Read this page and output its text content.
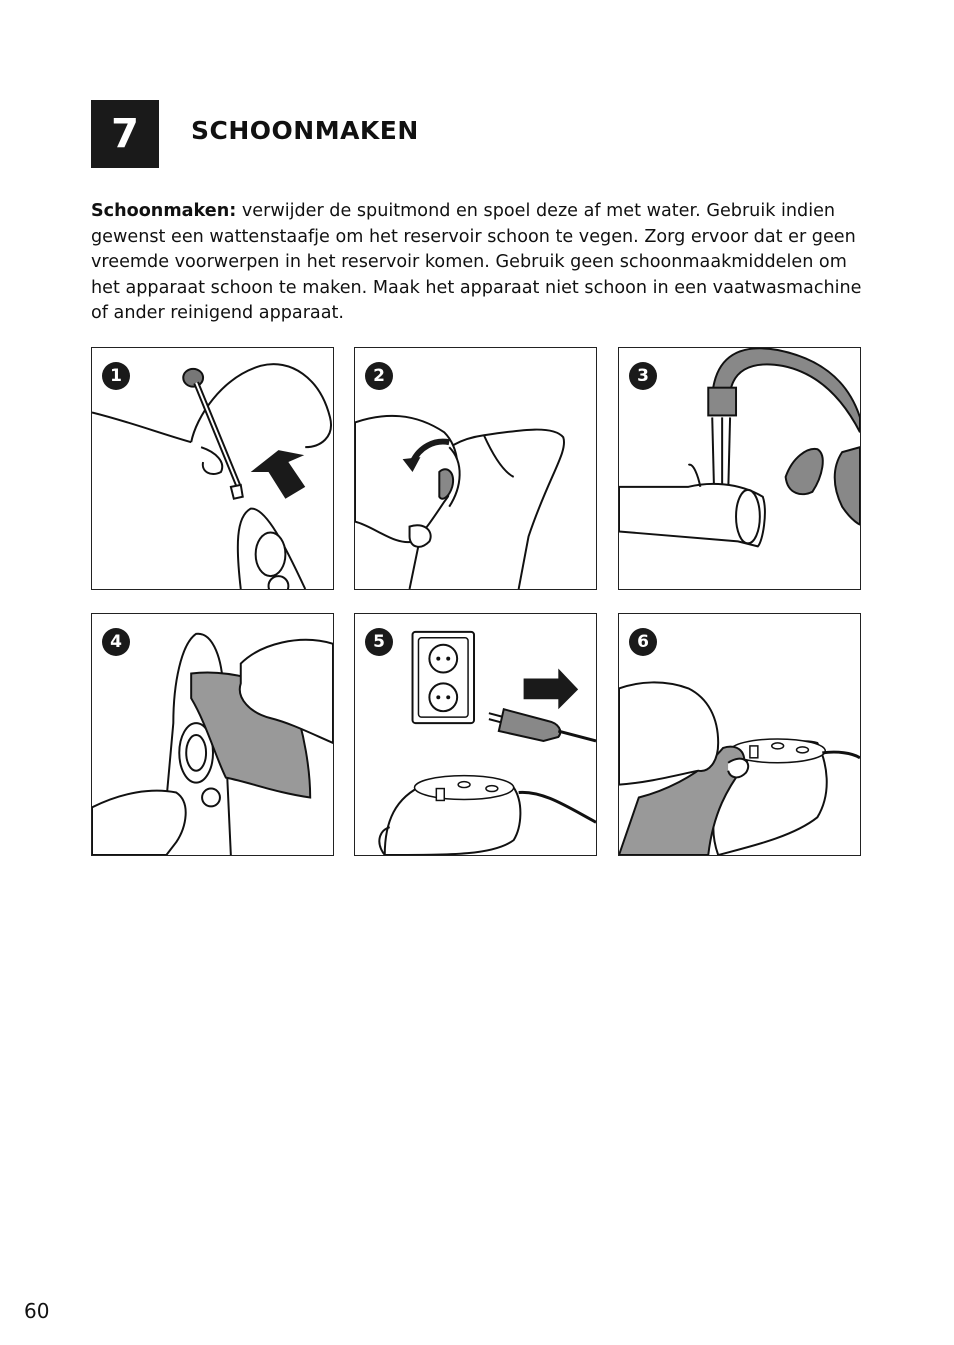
7 SCHOONMAKEN
Schoonmaken: verwijder de spuitmond en spoel deze af met water. Gebruik indien gewenst een wattenstaafje om het reservoir schoon te vegen. Zorg ervoor dat er geen vreemde voorwerpen in het reservoir komen. Gebruik geen schoonmaakmiddelen om het apparaat schoon te maken. Maak het apparaat niet schoon in een vaatwasmachine of ander reinigend apparaat.
1	2	3
4	5	6
60
